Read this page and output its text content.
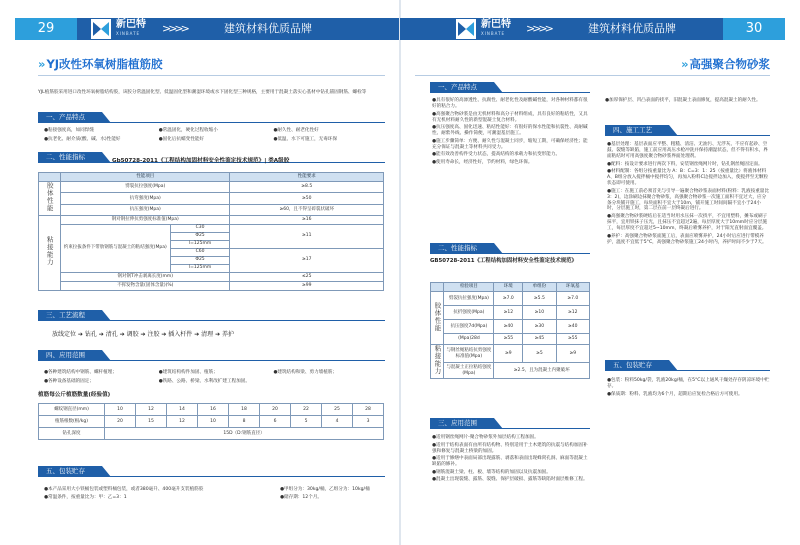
29	新巴特
XINBATE >>>>	建筑材料优质品牌
» YJ改性环氧树脂植筋胶
YJL植筋胶采用进口改性环氧树脂结构胶，该胶分常温固化型、低温固化型和潮湿环境或水下固化型三种规格，主要用于混凝土落实心基材中钻孔锚固钢筋、螺栓等
一、产品特点
●粘接强度高，如同焊缝	●常温固化，硬化过程收缩小	●耐久性、耐老化性好
●抗老化、耐介质(酸、碱、水)性能好	●固化后抗蠕变性能好	●低温、水下可施工，无毒环保
二、性能指标	Gb50728-2011《工程结构加固材料安全性鉴定技术规范》| 类A级胶
	性能项目		性能要求
胶体性能	劈裂抗拉强度(Mpa)		≥8.5
	抗弯强度(Mpa)		≥50
	抗压强度(Mpa)		≥60，且不得呈碎裂状破坏
粘接能力	钢对钢拉伸抗剪强度标准值(Mpa)		≥16
	约束拉拔条件下带肋钢筋与混凝土的粘结强度(Mpa)	C30	≥11
		Φ25	
		l=125mm	
		C60	≥17
		Φ25	
		l=125mm	
	钢对钢T冲击剥离长度(mm)		≤25
	不挥发物含量(固体含量)(%)		≥99
三、工艺流程
放线定位 ➔ 钻孔 ➔ 清孔 ➔ 调胶 ➔ 注胶 ➔ 插入杆件 ➔ 清理 ➔ 养护
四、应用范围
●各种建筑结构中钢筋、螺杆植埋；	●建筑结构构件加固、植筋；	●建筑结构和梁、剪力墙植筋；
●各种设备基础的固定；	●铁路、公路、桥梁、水利改扩建工程加固。
植筋每公斤植筋数量(经验值)
螺纹钢直径(mm)	10	12	14	16	18	20	22	25	28
植筋根数(根/kg)	20	15	12	10	8	6	5	4	3
钻孔深度	15D（D:钢筋直径）								
五、包装贮存

●本产品采用大小铁桶包装或塑料桶包装，或者380毫升、400毫升支装植筋胶

●常温条件，按重量比为：甲：乙=3：1

●甲组分为：30kg/桶，乙组分为：10kg/桶

●储存期：12个月。

30
新巴特
XINBATE >>>>	建筑材料优质品牌
» 高强聚合物砂浆
一、产品特点

●具有很好的高渗透性、抗腐性、耐老化性及耐酸碱性能，对各种材料都有很好的粘合力。

●高强聚合物砂浆是由无机材料和高分子材料组成，具有良好的粘结性，又具有无机材料耐久性的新型混凝土复合材料。

●抗压强度高、固化迅速、粘结性能好：有很好的保水性能和抗裂性、高耐碱性、耐紫外线、操作简便，可潮湿基层施工。

●施工步骤简单：方便、耐久性与混凝土同步，缩短工期，可确保经济性；能充分保证与混凝土等材料共同受力。

●能有效改善构件受力状态，提高结构的承载力和抗变形能力。

●使用寿命长，经济性好，节约材料，绿色环保。

二、性能指标
GB50728-2011《工程结构加固材料安全性鉴定技术规范》
	检验项目	环境	单组份	环氧基
胶体性能	劈裂抗拉强度(Mpa)	≥7.0	≥5.5	≥7.0
	抗折强度(Mpa)	≥12	≥10	≥12
	抗压强度7d(Mpa)	≥40	≥30	≥40
	(Mpa)28d	≥55	≥45	≥55
粘接能力	与钢丝绳粘结抗剪强度标准值(Mpa)	≥9	≥5	≥9
	与混凝土正拉粘结强度(Mpa)	≥2.5，且为混凝土内聚破坏		
三、应用范围

●适用钢丝绳网片-聚合物砂浆外加层结构工程加固。

●适用于结构表面有由所有结构物、特别适用于土木建筑的抗震与结构加固补强和修复与混凝土桥梁的加固。

●适用于修缮中表面局部出现露筋、剥落和表面出现蜂窝孔洞、麻面等混凝土缺陷的修补。

●钢筋混凝土梁、柱、板、墙等结构的加固以及抗震加固。

●混凝土出现裂缝、露筋、裂缝、保护层破损、露筋等缺陷时面层维修工程。

●加厚保护层、凹凸表面的找平，旧混凝土表面修复，提高混凝土的耐久性。

四、施工工艺

●基层处理：基层表面应平整、粗糙、清洁、无油污、无浮灰、不应有起砂、空鼓、裂缝等缺陷，施工前应用高压水枪冲洗并保持潮湿状态，但不得有积水，界面粘结时可用高强度聚合物砂浆界面处理剂。

●配料：按设计要求进行两次下料，安装钢丝绳网片时，钻孔钢丝绳固定面。

●材料配制：各组分按重量比为 A：B：C=3：1：25（按重量比）将液体材料A、B组分放入搅拌桶中搅拌均匀，再加入粉料C边搅拌边加入，使搅拌至无颗粒状态即可使用。

●施工：在施工前必须首先与引导一遍聚合物砂浆表面材料(粉料：乳液按重量比3：2)，边涂刷边抹聚合物砂浆，高强聚合物砂浆一次施工面积不宜过大，应分条分块铺开施工，每块面积不宜大于10m，铺开施工时间间隔不宜小于24小时，分层施工时，第二层在前一层终凝后进行。

●高强聚合物砂浆硬结后在适当时用水压抹一次找平，不宜用塑料，摊布或刷子抹平，宜用铁抹子压光，且抹压不宜超过2遍，每层厚度大于10mm时应分层施工，每层厚度不宜超过5~10mm，终凝后喷雾养护，对于阳光直射面宜覆盖。

●养护：高强聚合物砂浆面施工后，表面应喷雾养护，24小时后应进行带模养护，温度不宜低于5°C，高强聚合物砂浆施工24小时内，养护时间不少于7天。

五、包装贮存

●包装：粉料50kg/袋，乳液20kg/桶，在5°C以上通风干燥处存存阴凉环境中贮存。

●保质期：粉料、乳液均为6个月，超期后应复检合格后方可使用。
